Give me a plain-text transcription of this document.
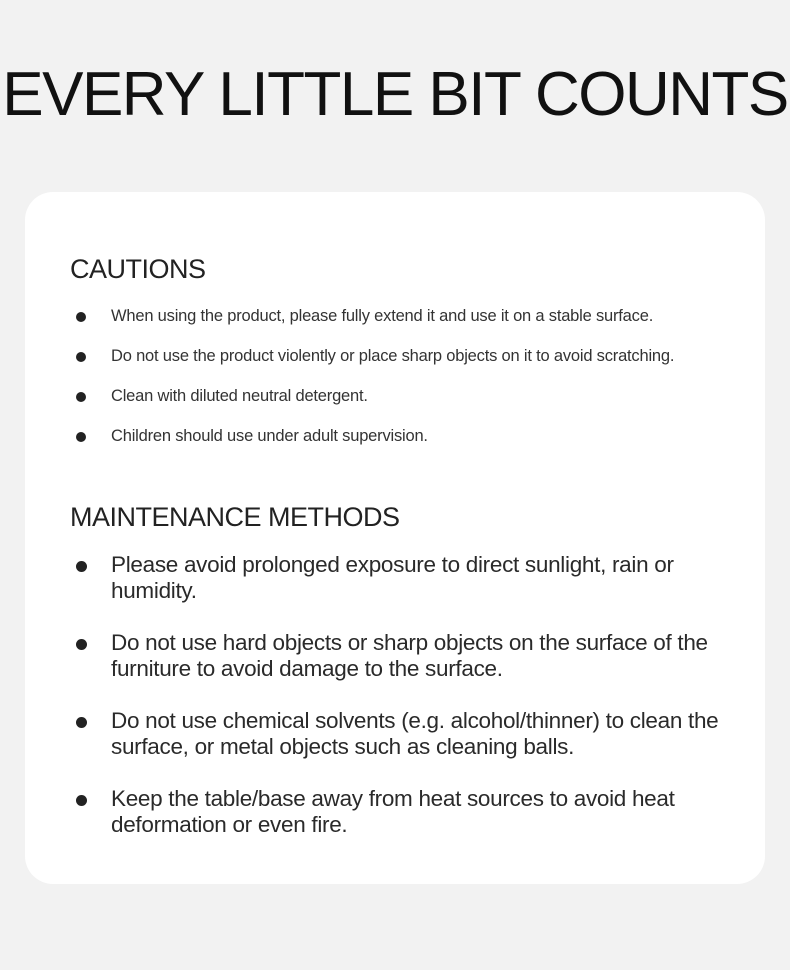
EVERY LITTLE BIT COUNTS
CAUTIONS
When using the product, please fully extend it and use it on a stable surface.
Do not use the product violently or place sharp objects on it to avoid scratching.
Clean with diluted neutral detergent.
Children should use under adult supervision.
MAINTENANCE METHODS
Please avoid prolonged exposure to direct sunlight, rain or humidity.
Do not use hard objects or sharp objects on the surface of the furniture to avoid damage to the surface.
Do not use chemical solvents (e.g. alcohol/thinner) to clean the surface, or metal objects such as cleaning balls.
Keep the table/base away from heat sources to avoid heat deformation or even fire.
